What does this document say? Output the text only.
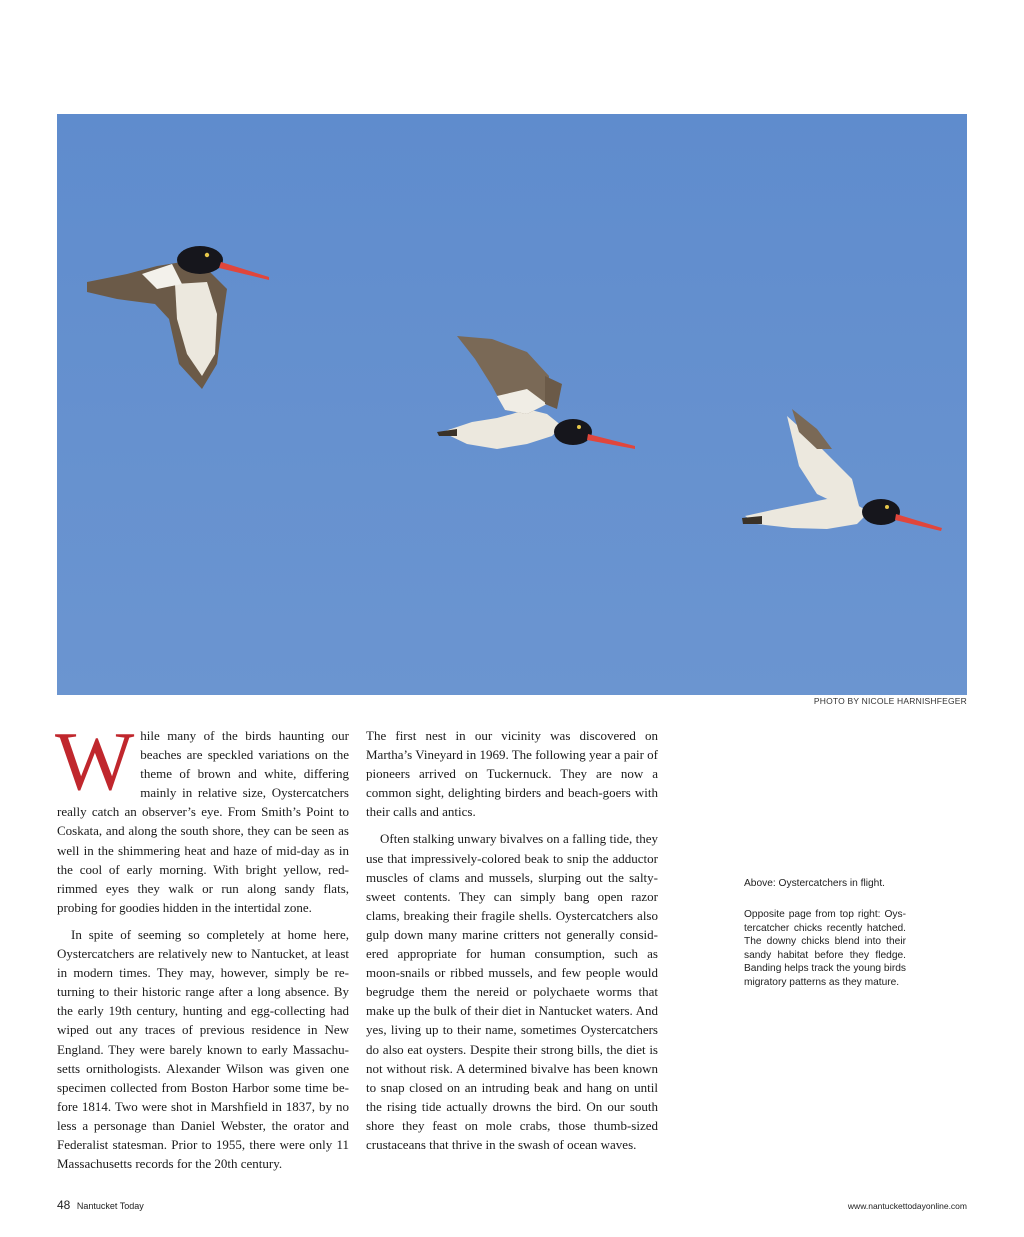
PHOTO BY NICOLE HARNISHFEGER

While many of the birds haunting our beaches are speckled variations on the theme of brown and white, differing mainly in relative size, Oystercatchers really catch an observer’s eye. From Smith’s Point to Coskata, and along the south shore, they can be seen as well in the shimmering heat and haze of mid-day as in the cool of early morning. With bright yellow, red-rimmed eyes they walk or run along sandy flats, probing for goodies hidden in the intertidal zone.

In spite of seeming so completely at home here, Oystercatchers are relatively new to Nantucket, at least in modern times. They may, however, simply be returning to their historic range after a long absence. By the early 19th century, hunting and egg-collecting had wiped out any traces of previous residence in New England. They were barely known to early Massachusetts ornithologists. Alexander Wilson was given one specimen collected from Boston Harbor some time before 1814. Two were shot in Marshfield in 1837, by no less a personage than Daniel Webster, the orator and Federalist statesman. Prior to 1955, there were only 11 Massachusetts records for the 20th century.

The first nest in our vicinity was discovered on Martha’s Vineyard in 1969. The following year a pair of pioneers arrived on Tuckernuck. They are now a common sight, delighting birders and beach-goers with their calls and antics.

Often stalking unwary bivalves on a falling tide, they use that impressively-colored beak to snip the adductor muscles of clams and mussels, slurping out the salty-sweet contents. They can simply bang open razor clams, breaking their fragile shells. Oystercatchers also gulp down many marine critters not generally considered appropriate for human consumption, such as moon-snails or ribbed mussels, and few people would begrudge them the nereid or polychaete worms that make up the bulk of their diet in Nantucket waters. And yes, living up to their name, sometimes Oystercatchers do also eat oysters. Despite their strong bills, the diet is not without risk. A determined bivalve has been known to snap closed on an intruding beak and hang on until the rising tide actually drowns the bird. On our south shore they feast on mole crabs, those thumb-sized crustaceans that thrive in the swash of ocean waves.

Above: Oystercatchers in flight.
Opposite page from top right: Oystercatcher chicks recently hatched. The downy chicks blend into their sandy habitat before they fledge. Banding helps track the young birds migratory patterns as they mature.
48 Nantucket Today	www.nantuckettodayonline.com
